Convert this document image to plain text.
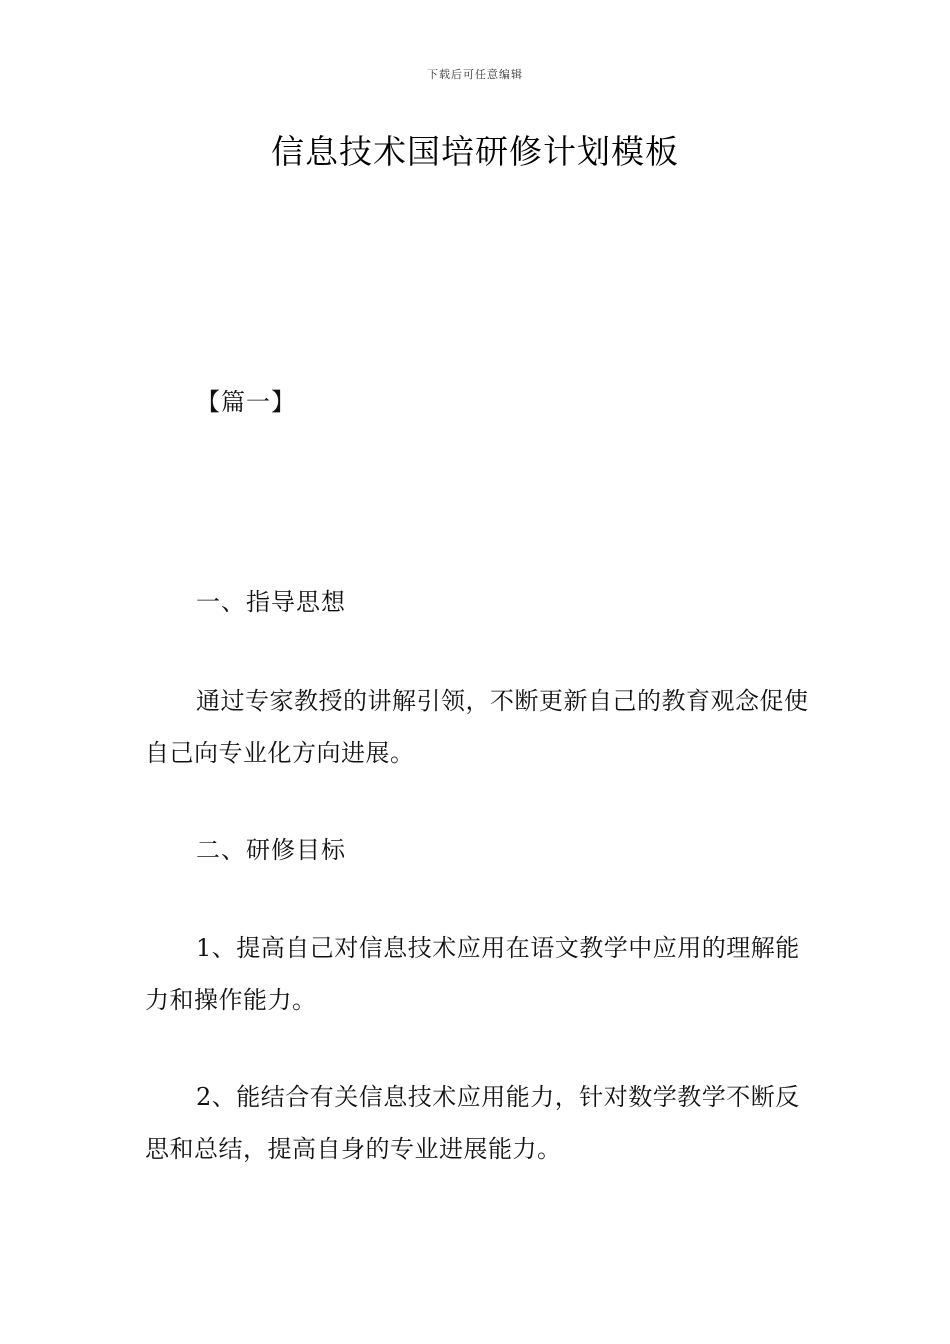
下载后可任意编辑
信息技术国培研修计划模板
【篇一】
一、指导思想

通过专家教授的讲解引领，不断更新自己的教育观念促使自己向专业化方向进展。

二、研修目标

1、提高自己对信息技术应用在语文教学中应用的理解能力和操作能力。

2、能结合有关信息技术应用能力，针对数学教学不断反思和总结，提高自身的专业进展能力。
